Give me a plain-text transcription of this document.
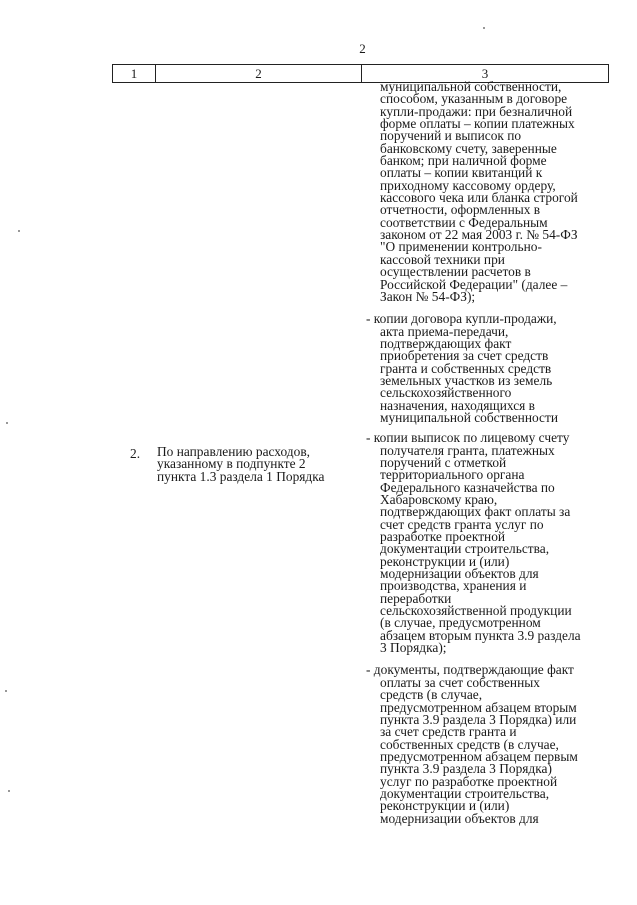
2
1	2	3

муниципальной собственности,
способом, указанным в договоре
купли-продажи: при безналичной
форме оплаты – копии платежных
поручений и выписок по
банковскому счету, заверенные
банком; при наличной форме
оплаты – копии квитанций к
приходному кассовому ордеру,
кассового чека или бланка строгой
отчетности, оформленных в
соответствии с Федеральным
законом от 22 мая 2003 г. № 54-ФЗ
"О применении контрольно-
кассовой техники при
осуществлении расчетов в
Российской Федерации" (далее –
Закон № 54-ФЗ);

- копии договора купли-продажи,
акта приема-передачи,
подтверждающих факт
приобретения за счет средств
гранта и собственных средств
земельных участков из земель
сельскохозяйственного
назначения, находящихся в
муниципальной собственности

- копии выписок по лицевому счету
получателя гранта, платежных
поручений с отметкой
территориального органа
Федерального казначейства по
Хабаровскому краю,
подтверждающих факт оплаты за
счет средств гранта услуг по
разработке проектной
документации строительства,
реконструкции и (или)
модернизации объектов для
производства, хранения и
переработки
сельскохозяйственной продукции
(в случае, предусмотренном
абзацем вторым пункта 3.9 раздела
3 Порядка);

- документы, подтверждающие факт
оплаты за счет собственных
средств (в случае,
предусмотренном абзацем вторым
пункта 3.9 раздела 3 Порядка) или
за счет средств гранта и
собственных средств (в случае,
предусмотренном абзацем первым
пункта 3.9 раздела 3 Порядка)
услуг по разработке проектной
документации строительства,
реконструкции и (или)
модернизации объектов для

2. По направлению расходов,
указанному в подпункте 2
пункта 1.3 раздела 1 Порядка
